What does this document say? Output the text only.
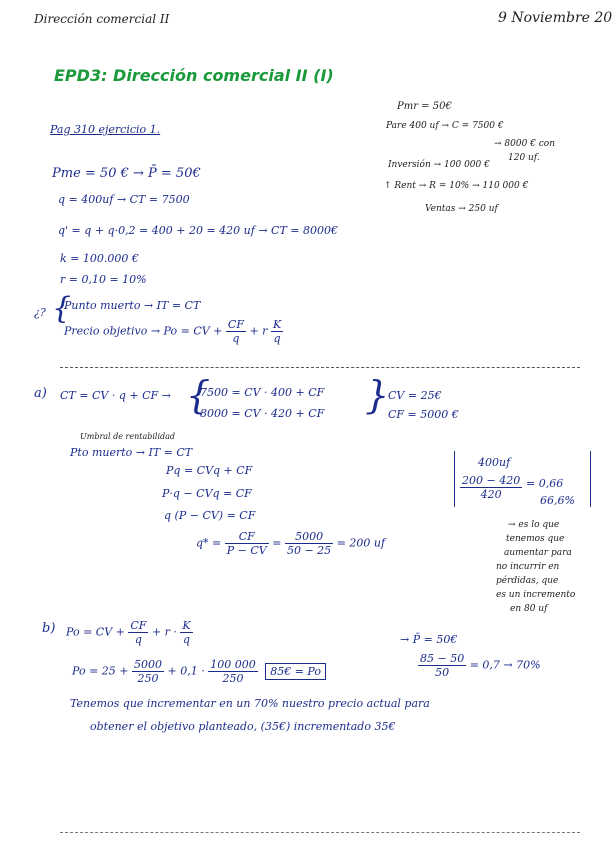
Dirección comercial II	9 Noviembre 20
EPD3: Dirección comercial II (I)
Pmr = 50€
Pare 400 uf → C = 7500 €
→ 8000 € con
120 uf.
Inversión → 100 000 €
↑ Rent → R = 10% → 110 000 €
Ventas → 250 uf
Pag 310 ejercicio 1.
Pme = 50 € → P̄ = 50€
q = 400uf → CT = 7500
q' = q + q·0,2 = 400 + 20 = 420 uf → CT = 8000€
k = 100.000 €
r = 0,10 = 10%
¿? {
Punto muerto → IT = CT
Precio objetivo → Po = CV + $\frac{CF}{q} + r \frac{K}{q}$
a) CT = CV · q + CF → {
7500 = CV · 400 + CF
8000 = CV · 420 + CF }
CV = 25€
CF = 5000 €
Umbral de rentabilidad
Pto muerto → IT = CT
Pq = CVq + CF
P·q − CVq = CF
q (P − CV) = CF
$q* = \frac{CF}{P - CV} = \frac{5000}{50 - 25} = 200$ uf
400uf
$\frac{200 - 420}{420} = 0,66$
66,6%
→ es lo que
tenemos que
aumentar para
no incurrir en
pérdidas, que
es un incremento
en 80 uf
b) Po = CV + $\frac{CF}{q} + r \cdot \frac{K}{q}$
$Po = 25 + \frac{5000}{250} + 0,1 \cdot \frac{100 000}{250}$ 85€ = Po
→ P̄ = 50€
$\frac{85 - 50}{50} = 0,7 \to 70\%$
Tenemos que incrementar en un 70% nuestro precio actual para
obtener el objetivo planteado, (35€) incrementado 35€
